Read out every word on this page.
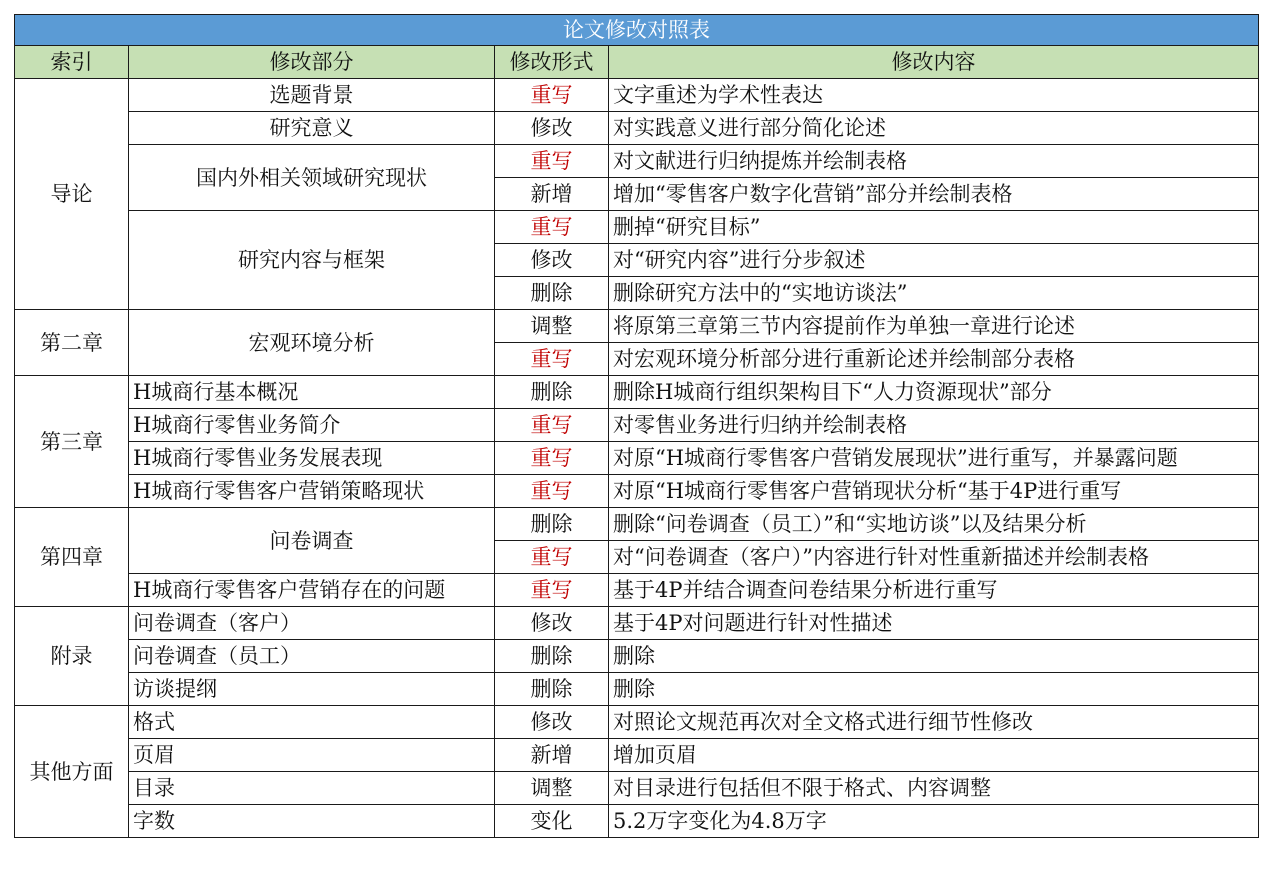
论文修改对照表			
索引	修改部分	修改形式	修改内容
导论	选题背景	重写	文字重述为学术性表达
	研究意义	修改	对实践意义进行部分简化论述
	国内外相关领域研究现状	重写	对文献进行归纳提炼并绘制表格
		新增	增加“零售客户数字化营销”部分并绘制表格
	研究内容与框架	重写	删掉“研究目标”
		修改	对“研究内容”进行分步叙述
		删除	删除研究方法中的“实地访谈法”
第二章	宏观环境分析	调整	将原第三章第三节内容提前作为单独一章进行论述
		重写	对宏观环境分析部分进行重新论述并绘制部分表格
第三章	H城商行基本概况	删除	删除H城商行组织架构目下“人力资源现状”部分
	H城商行零售业务简介	重写	对零售业务进行归纳并绘制表格
	H城商行零售业务发展表现	重写	对原“H城商行零售客户营销发展现状”进行重写，并暴露问题
	H城商行零售客户营销策略现状	重写	对原“H城商行零售客户营销现状分析“基于4P进行重写
第四章	问卷调查	删除	删除“问卷调查（员工）”和“实地访谈”以及结果分析
		重写	对“问卷调查（客户）”内容进行针对性重新描述并绘制表格
	H城商行零售客户营销存在的问题	重写	基于4P并结合调查问卷结果分析进行重写
附录	问卷调查（客户）	修改	基于4P对问题进行针对性描述
	问卷调查（员工）	删除	删除
	访谈提纲	删除	删除
其他方面	格式	修改	对照论文规范再次对全文格式进行细节性修改
	页眉	新增	增加页眉
	目录	调整	对目录进行包括但不限于格式、内容调整
	字数	变化	5.2万字变化为4.8万字
